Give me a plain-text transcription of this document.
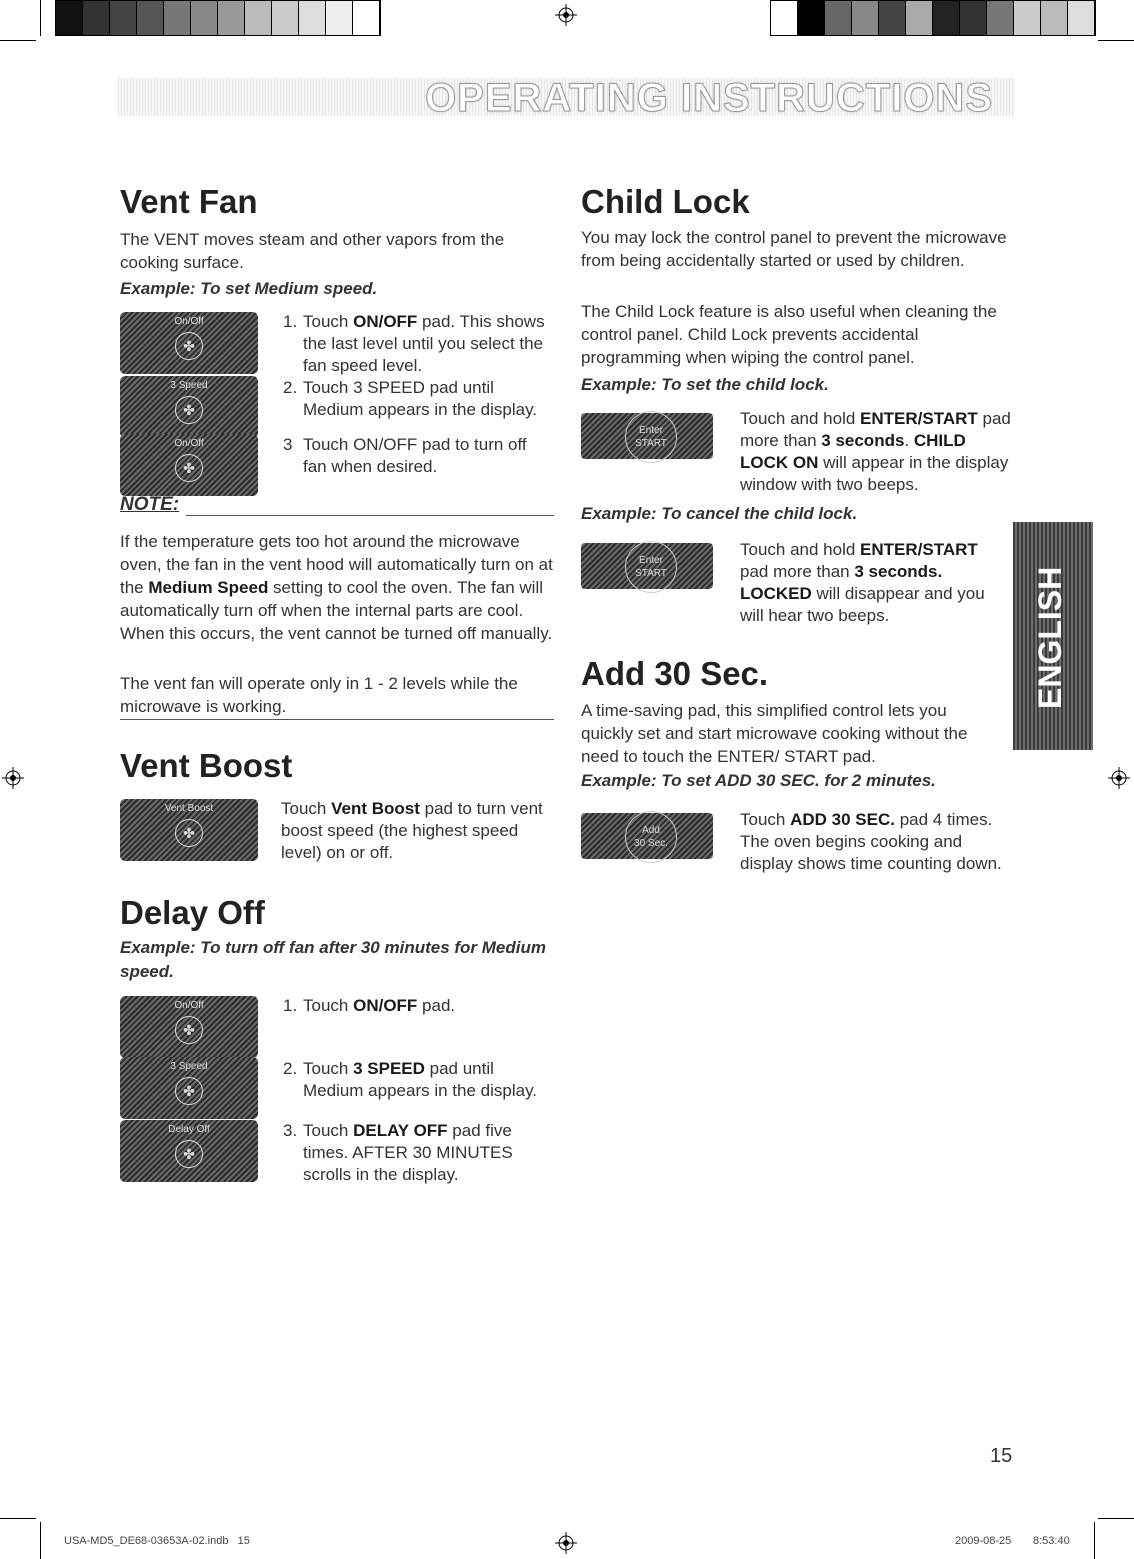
OPERATING INSTRUCTIONS
Vent Fan

The VENT moves steam and other vapors from the cooking surface.

Example: To set Medium speed.
On/Off
✤
1. Touch ON/OFF pad. This shows the last level until you select the fan speed level.
3 Speed
✤
2. Touch 3 SPEED pad until Medium appears in the display.
On/Off
✤
3 Touch ON/OFF pad to turn off fan when desired.
NOTE:

If the temperature gets too hot around the microwave oven, the fan in the vent hood will automatically turn on at the Medium Speed setting to cool the oven. The fan will automatically turn off when the internal parts are cool. When this occurs, the vent cannot be turned off manually.

The vent fan will operate only in 1 - 2 levels while the microwave is working.

Vent Boost
Vent Boost
✤
Touch Vent Boost pad to turn vent boost speed (the highest speed level) on or off.
Delay Off
Example: To turn off fan after 30 minutes for Medium speed.
On/Off
✤
1. Touch ON/OFF pad.
3 Speed
✤
2. Touch 3 SPEED pad until Medium appears in the display.
Delay Off
✤
3. Touch DELAY OFF pad five times. AFTER 30 MINUTES scrolls in the display.
Child Lock

You may lock the control panel to prevent the microwave from being accidentally started or used by children.

The Child Lock feature is also useful when cleaning the control panel. Child Lock prevents accidental programming when wiping the control panel.

Example: To set the child lock.
Enter
START
Touch and hold ENTER/START pad more than 3 seconds. CHILD LOCK ON will appear in the display window with two beeps.
Example: To cancel the child lock.
Enter
START
Touch and hold ENTER/START pad more than 3 seconds. LOCKED will disappear and you will hear two beeps.
Add 30 Sec.

A time-saving pad, this simplified control lets you quickly set and start microwave cooking without the need to touch the ENTER/ START pad.

Example: To set ADD 30 SEC. for 2 minutes.
Add
30 Sec.
Touch ADD 30 SEC. pad 4 times. The oven begins cooking and display shows time counting down.
ENGLISH
15
USA-MD5_DE68-03653A-02.indb   15	2009-08-25 8:53:40
